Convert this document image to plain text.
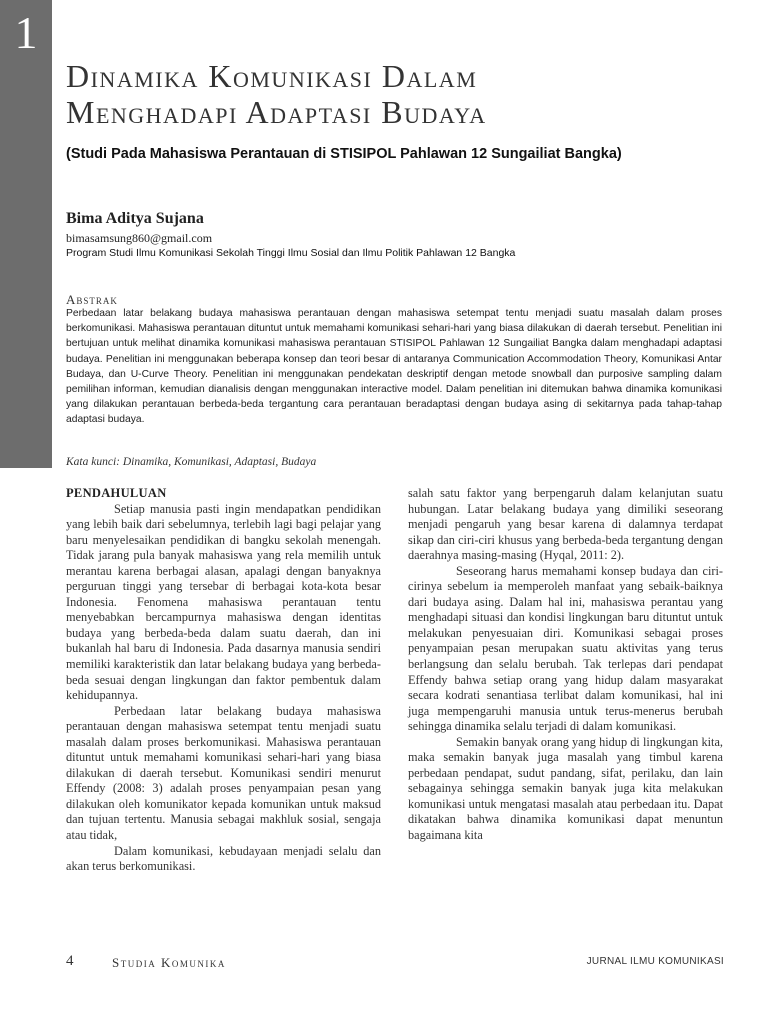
1
Dinamika Komunikasi Dalam
Menghadapi Adaptasi Budaya
(Studi Pada Mahasiswa Perantauan di STISIPOL Pahlawan 12 Sungailiat Bangka)
Bima Aditya Sujana
bimasamsung860@gmail.com
Program Studi Ilmu Komunikasi Sekolah Tinggi Ilmu Sosial dan Ilmu Politik Pahlawan 12 Bangka
Abstrak
Perbedaan latar belakang budaya mahasiswa perantauan dengan mahasiswa setempat tentu menjadi suatu masalah dalam proses berkomunikasi. Mahasiswa perantauan dituntut untuk memahami komunikasi sehari-hari yang biasa dilakukan di daerah tersebut. Penelitian ini bertujuan untuk melihat dinamika komunikasi mahasiswa perantauan STISIPOL Pahlawan 12 Sungailiat Bangka dalam menghadapi adaptasi budaya. Penelitian ini menggunakan beberapa konsep dan teori besar di antaranya Communication Accommodation Theory, Komunikasi Antar Budaya, dan U-Curve Theory. Penelitian ini menggunakan pendekatan deskriptif dengan metode snowball dan purposive sampling dalam pemilihan informan, kemudian dianalisis dengan menggunakan interactive model. Dalam penelitian ini ditemukan bahwa dinamika komunikasi yang dilakukan perantauan berbeda-beda tergantung cara perantauan beradaptasi dengan budaya asing di sekitarnya pada tahap-tahap adaptasi budaya.
Kata kunci: Dinamika, Komunikasi, Adaptasi, Budaya
PENDAHULUAN

Setiap manusia pasti ingin mendapatkan pendidikan yang lebih baik dari sebelumnya, terlebih lagi bagi pelajar yang baru menyelesaikan pendidikan di bangku sekolah menengah. Tidak jarang pula banyak mahasiswa yang rela memilih untuk merantau karena berbagai alasan, apalagi dengan banyaknya perguruan tinggi yang tersebar di berbagai kota-kota besar Indonesia. Fenomena mahasiswa perantauan tentu menyebabkan bercampurnya mahasiswa dengan identitas budaya yang berbeda-beda dalam suatu daerah, dan ini bukanlah hal baru di Indonesia. Pada dasarnya manusia sendiri memiliki karakteristik dan latar belakang budaya yang berbeda-beda sesuai dengan lingkungan dan faktor pembentuk dalam kehidupannya.

Perbedaan latar belakang budaya mahasiswa perantauan dengan mahasiswa setempat tentu menjadi suatu masalah dalam proses berkomunikasi. Mahasiswa perantauan dituntut untuk memahami komunikasi sehari-hari yang biasa dilakukan di daerah tersebut. Komunikasi sendiri menurut Effendy (2008: 3) adalah proses penyampaian pesan yang dilakukan oleh komunikator kepada komunikan untuk maksud dan tujuan tertentu. Manusia sebagai makhluk sosial, sengaja atau tidak,

Dalam komunikasi, kebudayaan menjadi selalu dan akan terus berkomunikasi.

salah satu faktor yang berpengaruh dalam kelanjutan suatu hubungan. Latar belakang budaya yang dimiliki seseorang menjadi pengaruh yang besar karena di dalamnya terdapat sikap dan ciri-ciri khusus yang berbeda-beda tergantung dengan daerahnya masing-masing (Hyqal, 2011: 2).

Seseorang harus memahami konsep budaya dan ciri-cirinya sebelum ia memperoleh manfaat yang sebaik-baiknya dari budaya asing. Dalam hal ini, mahasiswa perantau yang menghadapi situasi dan kondisi lingkungan baru dituntut untuk melakukan penyesuaian diri. Komunikasi sebagai proses penyampaian pesan merupakan suatu aktivitas yang terus berlangsung dan selalu berubah. Tak terlepas dari pendapat Effendy bahwa setiap orang yang hidup dalam masyarakat secara kodrati senantiasa terlibat dalam komunikasi, hal ini juga mempengaruhi manusia untuk terus-menerus berubah sehingga dinamika selalu terjadi di dalam komunikasi.

Semakin banyak orang yang hidup di lingkungan kita, maka semakin banyak juga masalah yang timbul karena perbedaan pendapat, sudut pandang, sifat, perilaku, dan lain sebagainya sehingga semakin banyak juga kita melakukan komunikasi untuk mengatasi masalah atau perbedaan itu. Dapat dikatakan bahwa dinamika komunikasi dapat menuntun bagaimana kita

4	Studia Komunika	JURNAL ILMU KOMUNIKASI
